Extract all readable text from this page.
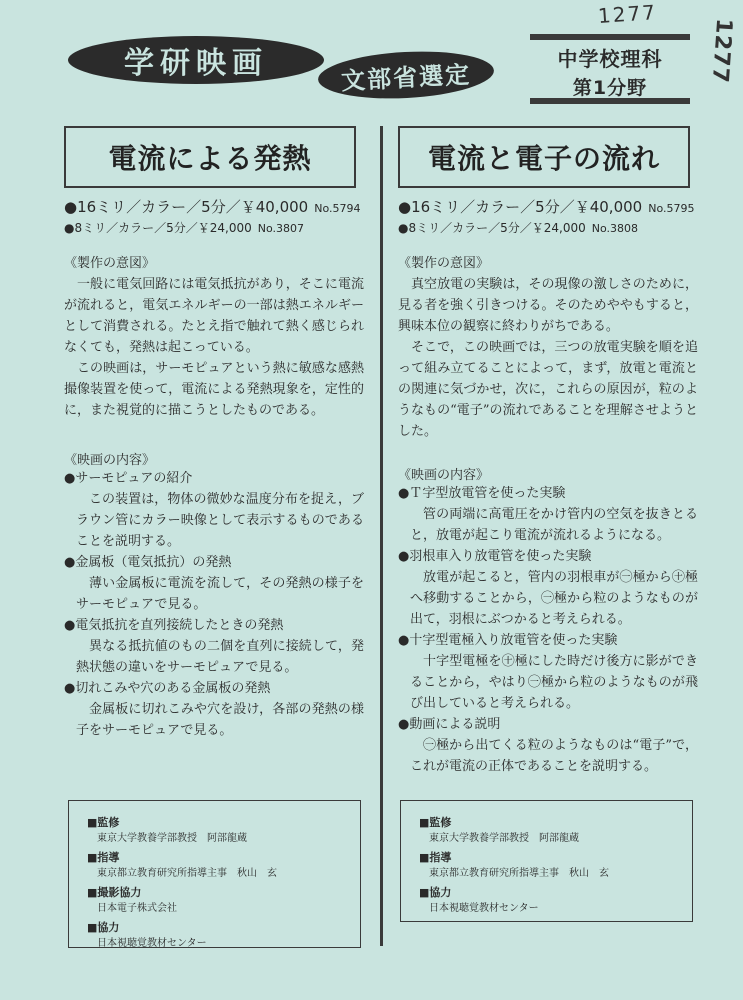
1277
1277
学研映画	文部省選定
中学校理科
第1分野
電流による発熱
●16ミリ／カラー／5分／￥40,000 No.5794
●8ミリ／カラー／5分／￥24,000 No.3807
《製作の意図》

一般に電気回路には電気抵抗があり，そこに電流が流れると，電気エネルギーの一部は熱エネルギーとして消費される。たとえ指で触れて熱く感じられなくても，発熱は起こっている。

この映画は，サーモピュアという熱に敏感な感熱撮像装置を使って，電流による発熱現象を，定性的に，また視覚的に描こうとしたものである。

《映画の内容》
●サーモピュアの紹介
この装置は，物体の微妙な温度分布を捉え，ブラウン管にカラー映像として表示するものであることを説明する。
●金属板（電気抵抗）の発熱
薄い金属板に電流を流して，その発熱の様子をサーモピュアで見る。
●電気抵抗を直列接続したときの発熱
異なる抵抗値のもの二個を直列に接続して，発熱状態の違いをサーモピュアで見る。
●切れこみや穴のある金属板の発熱
金属板に切れこみや穴を設け，各部の発熱の様子をサーモピュアで見る。
■監修
東京大学教養学部教授　阿部龍蔵
■指導
東京都立教育研究所指導主事　秋山　玄
■撮影協力
日本電子株式会社
■協力
日本視聴覚教材センター
電流と電子の流れ
●16ミリ／カラー／5分／￥40,000 No.5795
●8ミリ／カラー／5分／￥24,000 No.3808
《製作の意図》

真空放電の実験は，その現像の激しさのために，見る者を強く引きつける。そのためややもすると，興味本位の観察に終わりがちである。

そこで，この映画では，三つの放電実験を順を追って組み立てることによって，まず，放電と電流との関連に気づかせ，次に，これらの原因が，粒のようなもの“電子”の流れであることを理解させようとした。

《映画の内容》
●Ｔ字型放電管を使った実験
管の両端に高電圧をかけ管内の空気を抜きとると，放電が起こり電流が流れるようになる。
●羽根車入り放電管を使った実験
放電が起こると，管内の羽根車が㊀極から㊉極へ移動することから，㊀極から粒のようなものが出て，羽根にぶつかると考えられる。
●十字型電極入り放電管を使った実験
十字型電極を㊉極にした時だけ後方に影ができることから，やはり㊀極から粒のようなものが飛び出していると考えられる。
●動画による説明
㊀極から出てくる粒のようなものは“電子”で，これが電流の正体であることを説明する。
■監修
東京大学教養学部教授　阿部龍蔵
■指導
東京都立教育研究所指導主事　秋山　玄
■協力
日本視聴覚教材センター
